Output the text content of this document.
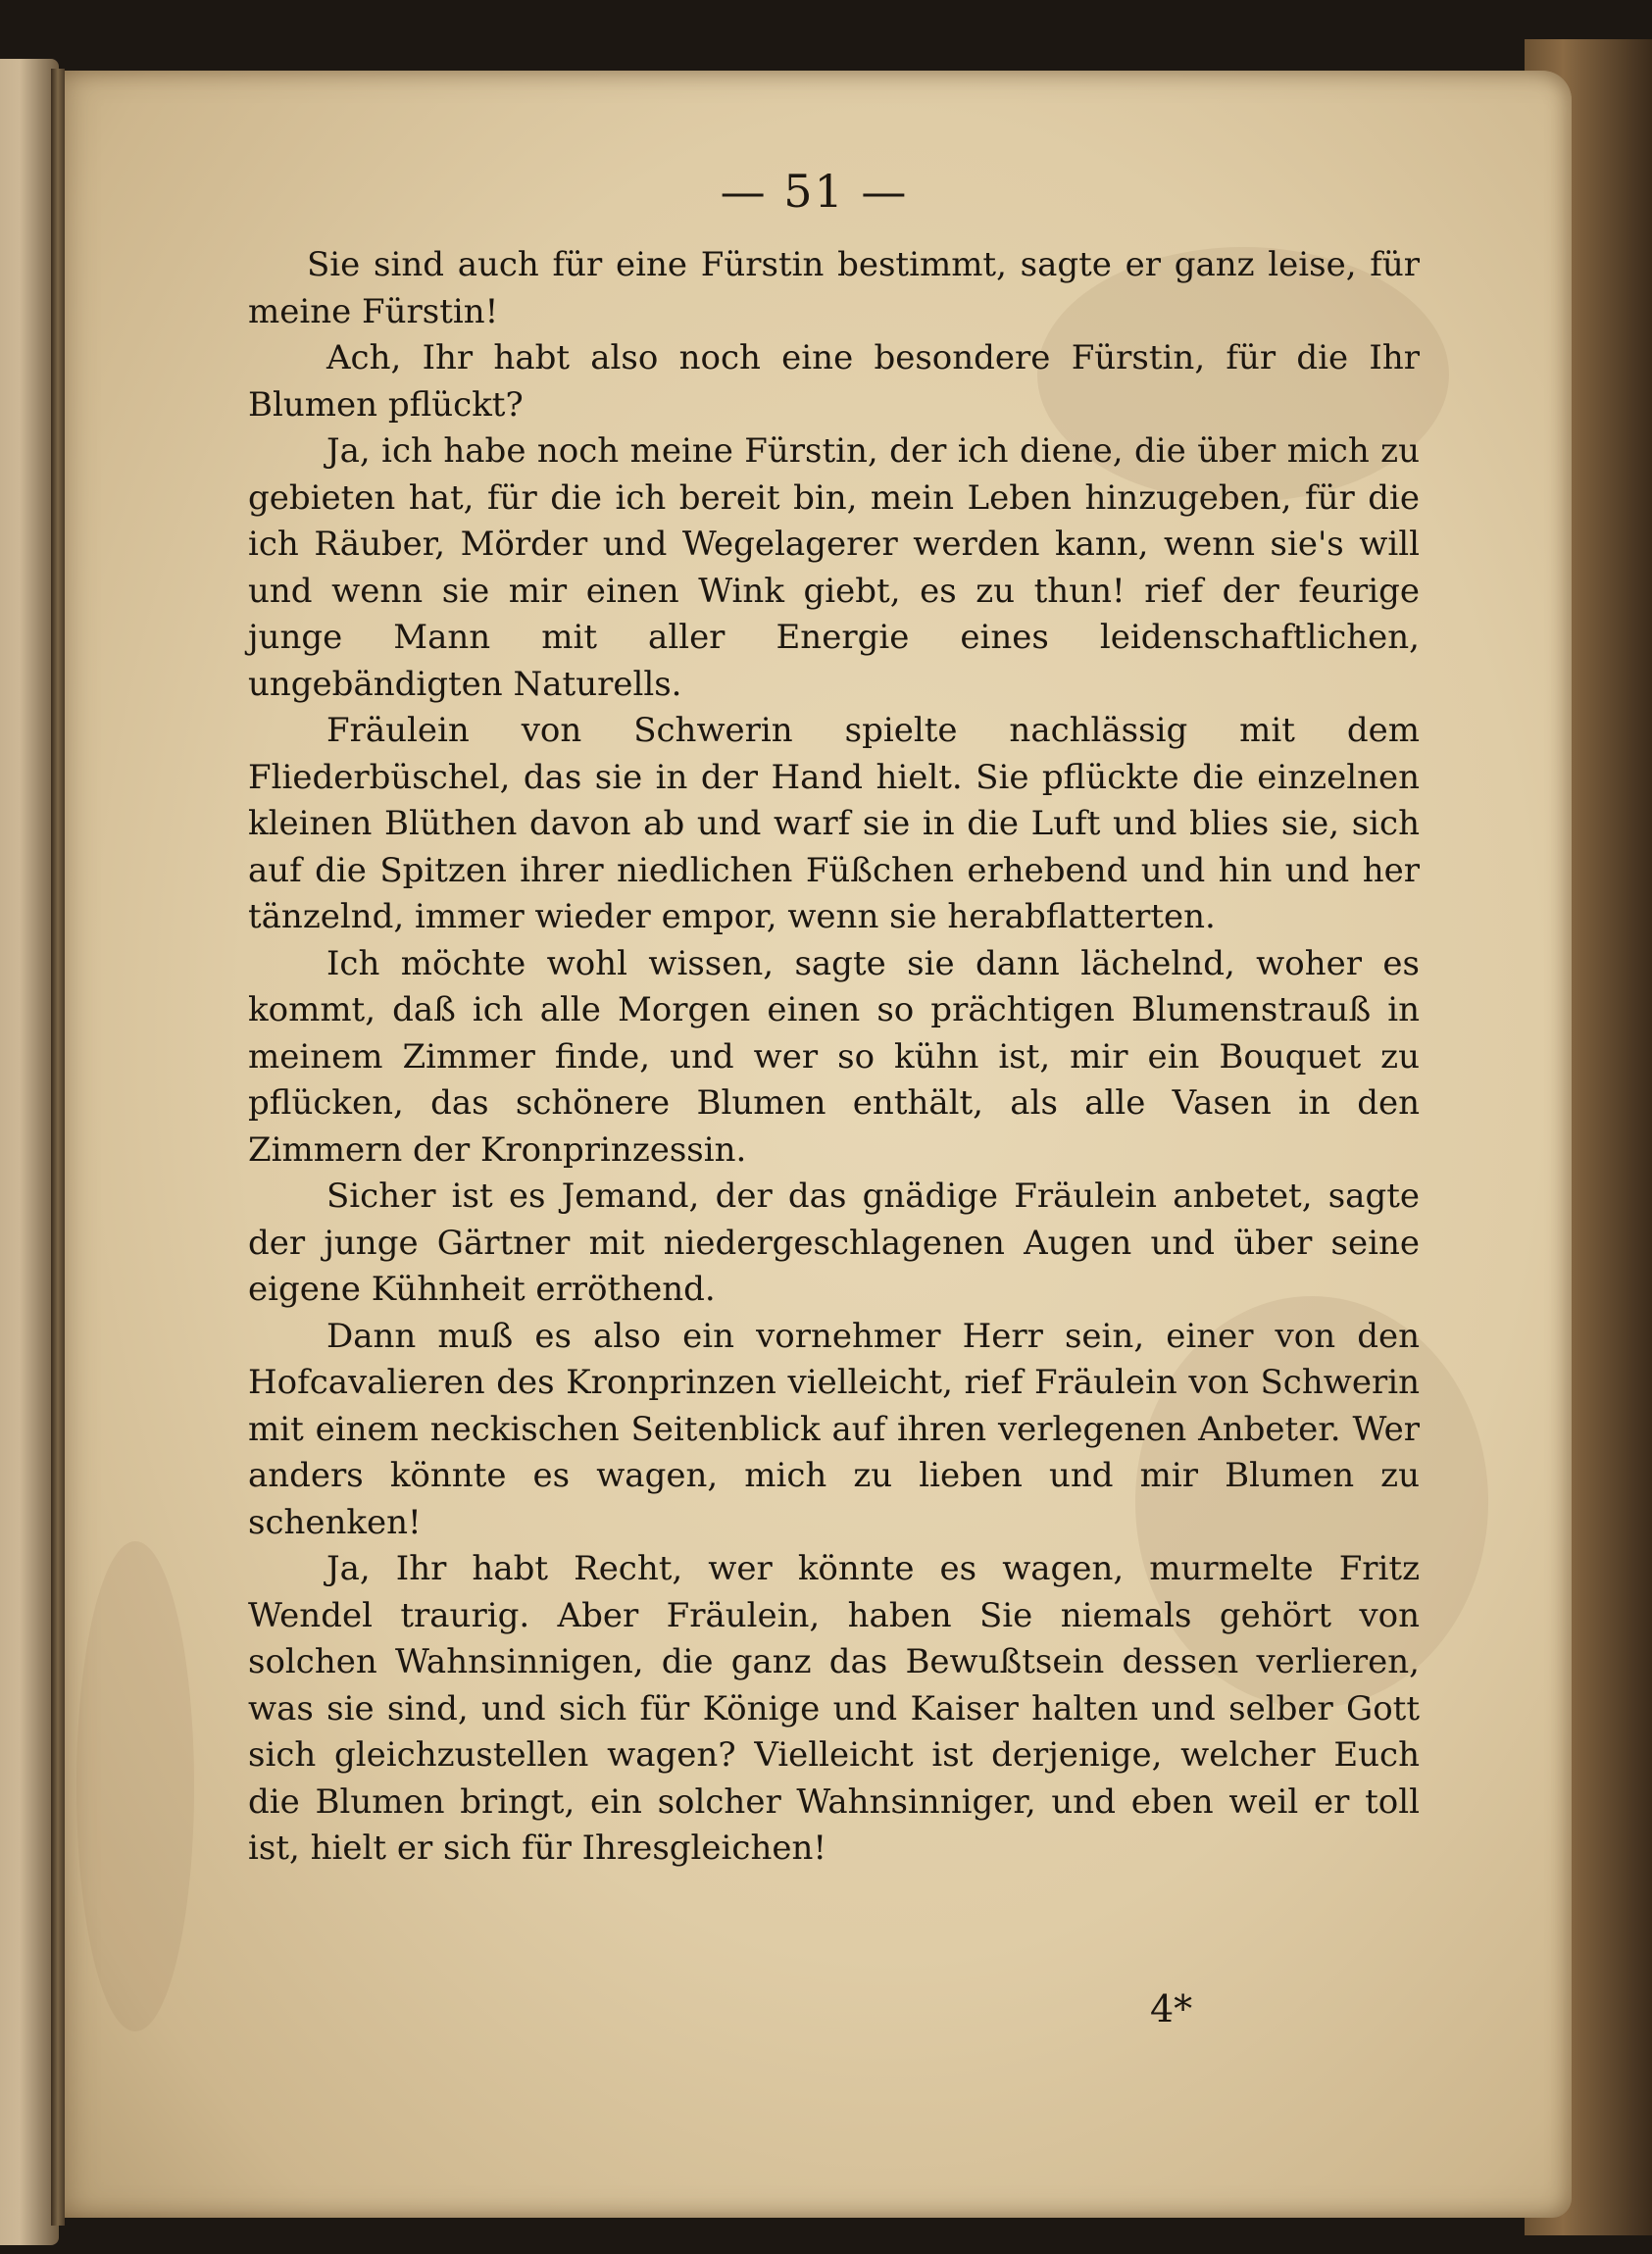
— 51 —

Sie sind auch für eine Fürstin bestimmt, sagte er ganz leise, für meine Fürstin!

Ach, Ihr habt also noch eine besondere Fürstin, für die Ihr Blumen pflückt?

Ja, ich habe noch meine Fürstin, der ich diene, die über mich zu gebieten hat, für die ich bereit bin, mein Leben hinzugeben, für die ich Räuber, Mörder und Wegelagerer werden kann, wenn sie's will und wenn sie mir einen Wink giebt, es zu thun! rief der feurige junge Mann mit aller Energie eines leidenschaftlichen, ungebändigten Naturells.

Fräulein von Schwerin spielte nachlässig mit dem Fliederbüschel, das sie in der Hand hielt. Sie pflückte die einzelnen kleinen Blüthen davon ab und warf sie in die Luft und blies sie, sich auf die Spitzen ihrer niedlichen Füßchen erhebend und hin und her tänzelnd, immer wieder empor, wenn sie herabflatterten.

Ich möchte wohl wissen, sagte sie dann lächelnd, woher es kommt, daß ich alle Morgen einen so prächtigen Blumenstrauß in meinem Zimmer finde, und wer so kühn ist, mir ein Bouquet zu pflücken, das schönere Blumen enthält, als alle Vasen in den Zimmern der Kronprinzessin.

Sicher ist es Jemand, der das gnädige Fräulein anbetet, sagte der junge Gärtner mit niedergeschlagenen Augen und über seine eigene Kühnheit erröthend.

Dann muß es also ein vornehmer Herr sein, einer von den Hofcavalieren des Kronprinzen vielleicht, rief Fräulein von Schwerin mit einem neckischen Seitenblick auf ihren verlegenen Anbeter. Wer anders könnte es wagen, mich zu lieben und mir Blumen zu schenken!

Ja, Ihr habt Recht, wer könnte es wagen, murmelte Fritz Wendel traurig. Aber Fräulein, haben Sie niemals gehört von solchen Wahnsinnigen, die ganz das Bewußtsein dessen verlieren, was sie sind, und sich für Könige und Kaiser halten und selber Gott sich gleichzustellen wagen? Vielleicht ist derjenige, welcher Euch die Blumen bringt, ein solcher Wahnsinniger, und eben weil er toll ist, hielt er sich für Ihresgleichen!

4*
